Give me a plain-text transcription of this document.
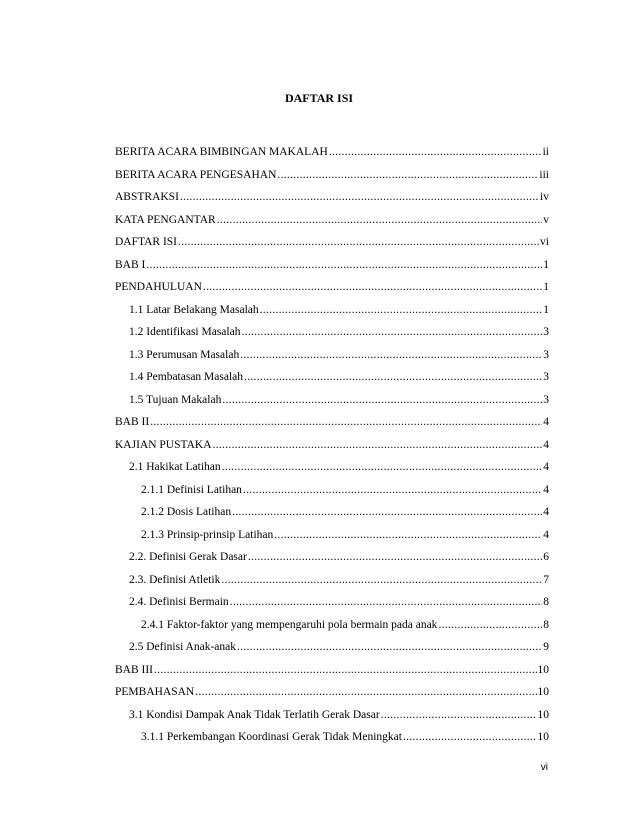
DAFTAR ISI
BERITA ACARA BIMBINGAN MAKALAH .....	ii
BERITA ACARA PENGESAHAN .....	iii
ABSTRAKSI .....	iv
KATA PENGANTAR .....	v
DAFTAR ISI .....	vi
BAB I .....	1
PENDAHULUAN .....	1
1.1 Latar Belakang Masalah .....	1
1.2 Identifikasi Masalah .....	3
1.3 Perumusan Masalah .....	3
1.4 Pembatasan Masalah .....	3
1.5 Tujuan Makalah .....	3
BAB II .....	4
KAJIAN PUSTAKA .....	4
2.1 Hakikat Latihan .....	4
2.1.1 Definisi Latihan .....	4
2.1.2 Dosis Latihan .....	4
2.1.3 Prinsip-prinsip Latihan .....	4
2.2. Definisi Gerak Dasar .....	6
2.3. Definisi Atletik .....	7
2.4. Definisi Bermain .....	8
2.4.1 Faktor-faktor yang mempengaruhi pola bermain pada anak .....	8
2.5 Definisi Anak-anak .....	9
BAB III .....	10
PEMBAHASAN .....	10
3.1 Kondisi Dampak Anak Tidak Terlatih Gerak Dasar .....	10
3.1.1 Perkembangan Koordinasi Gerak Tidak Meningkat .....	10
vi
